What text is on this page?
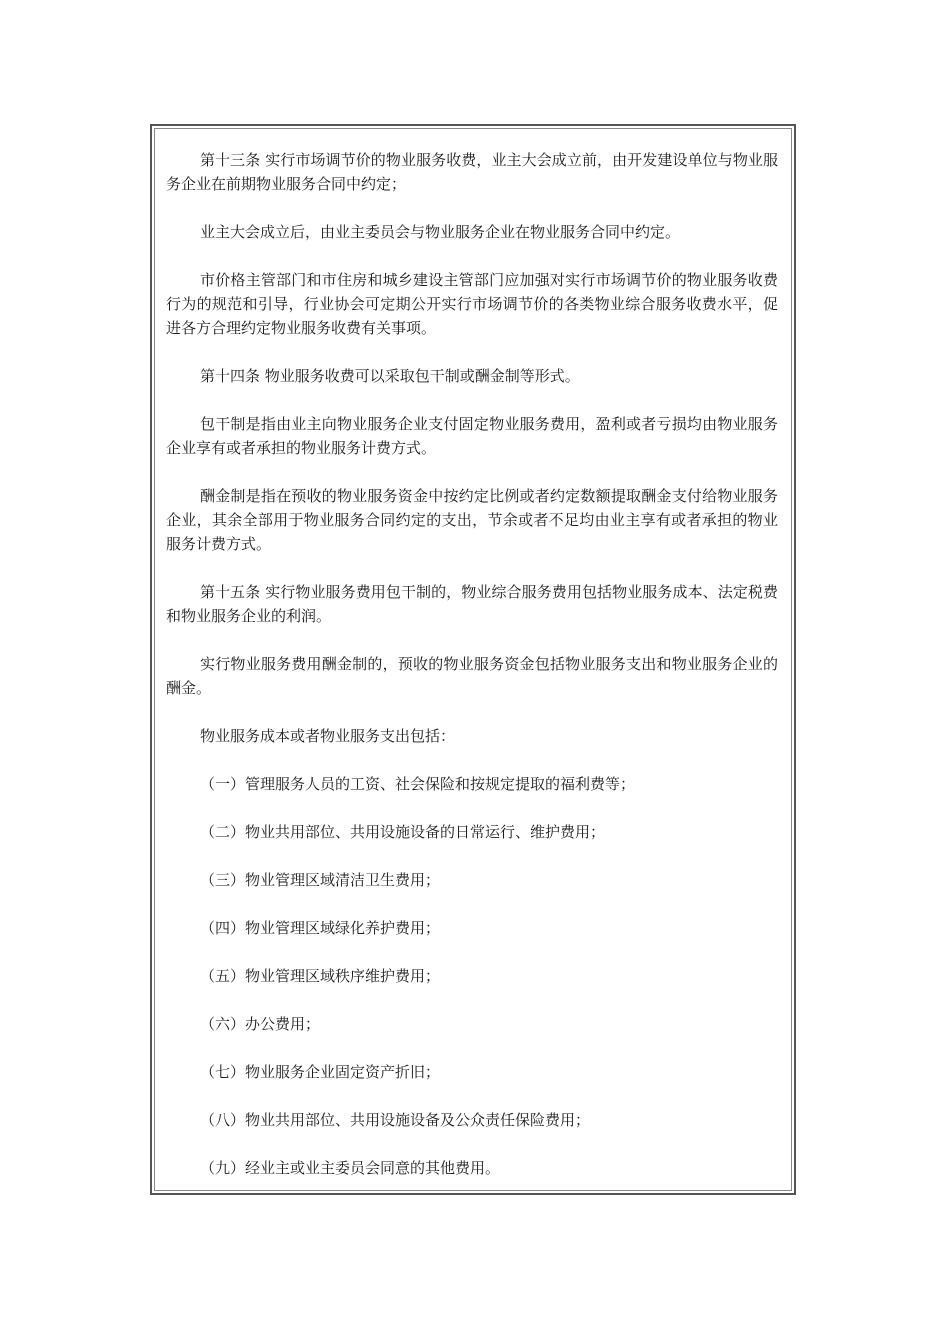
第十三条 实行市场调节价的物业服务收费，业主大会成立前，由开发建设单位与物业服务企业在前期物业服务合同中约定；

业主大会成立后，由业主委员会与物业服务企业在物业服务合同中约定。

市价格主管部门和市住房和城乡建设主管部门应加强对实行市场调节价的物业服务收费行为的规范和引导，行业协会可定期公开实行市场调节价的各类物业综合服务收费水平，促进各方合理约定物业服务收费有关事项。

第十四条 物业服务收费可以采取包干制或酬金制等形式。

包干制是指由业主向物业服务企业支付固定物业服务费用，盈利或者亏损均由物业服务企业享有或者承担的物业服务计费方式。

酬金制是指在预收的物业服务资金中按约定比例或者约定数额提取酬金支付给物业服务企业，其余全部用于物业服务合同约定的支出，节余或者不足均由业主享有或者承担的物业服务计费方式。

第十五条 实行物业服务费用包干制的，物业综合服务费用包括物业服务成本、法定税费和物业服务企业的利润。

实行物业服务费用酬金制的，预收的物业服务资金包括物业服务支出和物业服务企业的酬金。

物业服务成本或者物业服务支出包括：

（一）管理服务人员的工资、社会保险和按规定提取的福利费等；

（二）物业共用部位、共用设施设备的日常运行、维护费用；

（三）物业管理区域清洁卫生费用；

（四）物业管理区域绿化养护费用；

（五）物业管理区域秩序维护费用；

（六）办公费用；

（七）物业服务企业固定资产折旧；

（八）物业共用部位、共用设施设备及公众责任保险费用；

（九）经业主或业主委员会同意的其他费用。
